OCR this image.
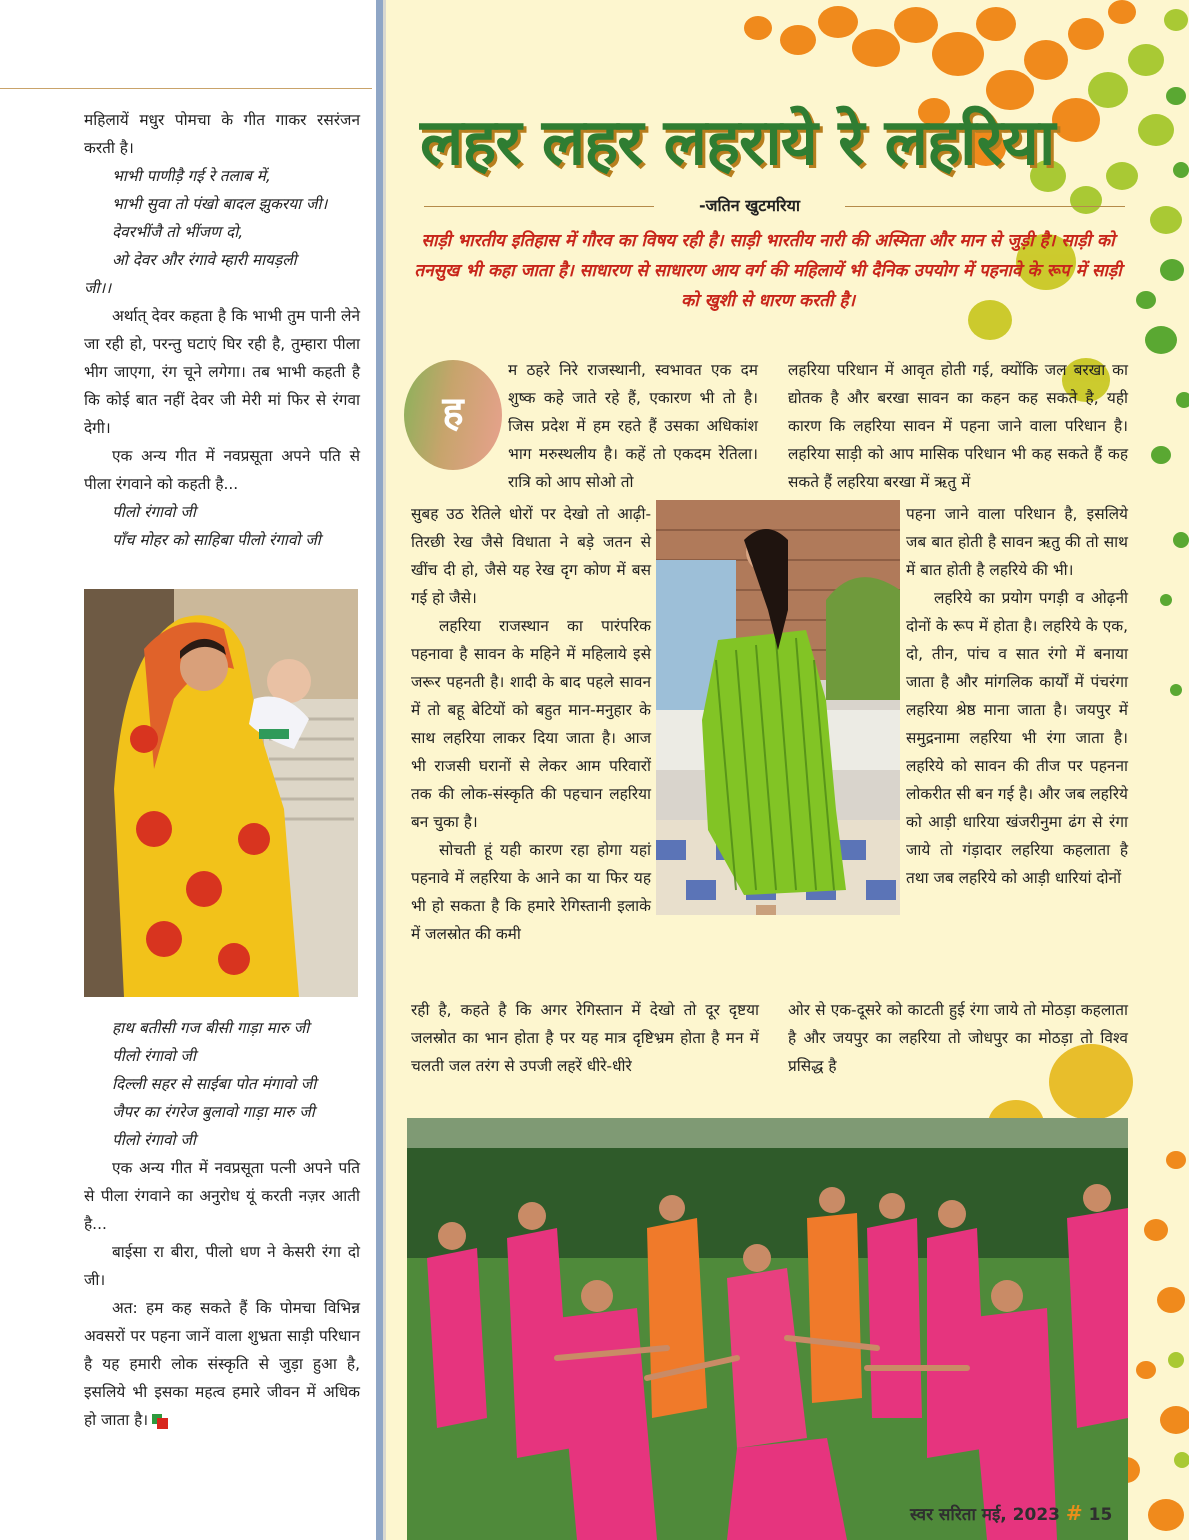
महिलायें मधुर पोमचा के गीत गाकर रसरंजन करती है।

भाभी पाणीड़ै गई रे तलाब में,

भाभी सुवा तो पंखो बादल झुकरया जी।

देवरभींजै तो भींजण दो,

ओ देवर और रंगावे म्हारी मायड़ली

जी।।

अर्थात् देवर कहता है कि भाभी तुम पानी लेने जा रही हो, परन्तु घटाएं घिर रही है, तुम्हारा पीला भीग जाएगा, रंग चूने लगेगा। तब भाभी कहती है कि कोई बात नहीं देवर जी मेरी मां फिर से रंगवा देगी।

एक अन्य गीत में नवप्रसूता अपने पति से पीला रंगवाने को कहती है...

पीलो रंगावो जी

पाँच मोहर को साहिबा पीलो रंगावो जी

हाथ बतीसी गज बीसी गाड़ा मारु जी

पीलो रंगावो जी

दिल्ली सहर से साईबा पोत मंगावो जी

जैपर का रंगरेज बुलावो गाड़ा मारु जी

पीलो रंगावो जी

एक अन्य गीत में नवप्रसूता पत्नी अपने पति से पीला रंगवाने का अनुरोध यूं करती नज़र आती है...

बाईसा रा बीरा, पीलो धण ने केसरी रंगा दो जी।

अत: हम कह सकते हैं कि पोमचा विभिन्न अवसरों पर पहना जानें वाला शुभ्रता साड़ी परिधान है यह हमारी लोक संस्कृति से जुड़ा हुआ है, इसलिये भी इसका महत्व हमारे जीवन में अधिक हो जाता है।

लहर लहर लहराये रे लहरिया
-जतिन खुटमरिया
साड़ी भारतीय इतिहास में गौरव का विषय रही है। साड़ी भारतीय नारी की अस्मिता और मान से जुड़ी है। साड़ी को तनसुख भी कहा जाता है। साधारण से साधारण आय वर्ग की महिलायें भी दैनिक उपयोग में पहनावे के रूप में साड़ी को खुशी से धारण करती है।
ह

म ठहरे निरे राजस्थानी, स्वभावत एक दम शुष्क कहे जाते रहे हैं, एकारण भी तो है। जिस प्रदेश में हम रहते हैं उसका अधिकांश भाग मरुस्थलीय है। कहें तो एकदम रेतिला। रात्रि को आप सोओ तो

सुबह उठ रेतिले धोरों पर देखो तो आढ़ी-तिरछी रेख जैसे विधाता ने बड़े जतन से खींच दी हो, जैसे यह रेख दृग कोण में बस गई हो जैसे।

लहरिया राजस्थान का पारंपरिक पहनावा है सावन के महिने में महिलाये इसे जरूर पहनती है। शादी के बाद पहले सावन में तो बहू बेटियों को बहुत मान-मनुहार के साथ लहरिया लाकर दिया जाता है। आज भी राजसी घरानों से लेकर आम परिवारों तक की लोक-संस्कृति की पहचान लहरिया बन चुका है।

सोचती हूं यही कारण रहा होगा यहां पहनावे में लहरिया के आने का या फिर यह भी हो सकता है कि हमारे रेगिस्तानी इलाके में जलस्रोत की कमी

रही है, कहते है कि अगर रेगिस्तान में देखो तो दूर दृष्टया जलस्रोत का भान होता है पर यह मात्र दृष्टिभ्रम होता है मन में चलती जल तरंग से उपजी लहरें धीरे-धीरे

लहरिया परिधान में आवृत होती गई, क्योंकि जल बरखा का द्योतक है और बरखा सावन का कहन कह सकते है, यही कारण कि लहरिया सावन में पहना जाने वाला परिधान है। लहरिया साड़ी को आप मासिक परिधान भी कह सकते हैं कह सकते हैं लहरिया बरखा में ऋतु में

पहना जाने वाला परिधान है, इसलिये जब बात होती है सावन ऋतु की तो साथ में बात होती है लहरिये की भी।

लहरिये का प्रयोग पगड़ी व ओढ़नी दोनों के रूप में होता है। लहरिये के एक, दो, तीन, पांच व सात रंगो में बनाया जाता है और मांगलिक कार्यों में पंचरंगा लहरिया श्रेष्ठ माना जाता है। जयपुर में समुद्रनामा लहरिया भी रंगा जाता है। लहरिये को सावन की तीज पर पहनना लोकरीत सी बन गई है। और जब लहरिये को आड़ी धारिया खंजरीनुमा ढंग से रंगा जाये तो गंड़ादार लहरिया कहलाता है तथा जब लहरिये को आड़ी धारियां दोनों

ओर से एक-दूसरे को काटती हुई रंगा जाये तो मोठड़ा कहलाता है और जयपुर का लहरिया तो जोधपुर का मोठड़ा तो विश्व प्रसिद्ध है

स्वर सरिता मई, 2023 # 15
